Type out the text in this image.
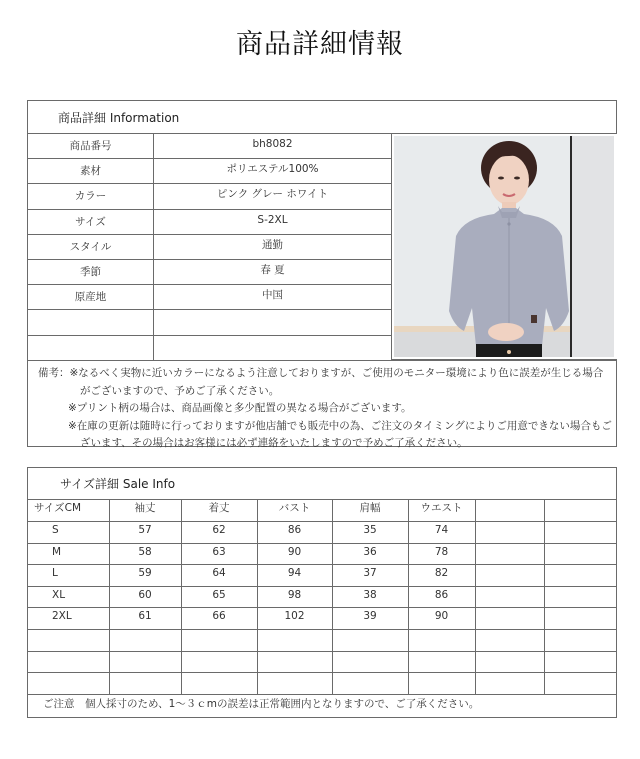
商品詳細情報
商品詳細 Information
商品番号	bh8082
素材	ポリエステル100%
カラー	ピンク グレー ホワイト
サイズ	S-2XL
スタイル	通勤
季節	春 夏
原産地	中国
備考：※なるべく実物に近いカラーになるよう注意しておりますが、ご使用のモニター環境により色に誤差が生じる場合
がございますので、予めご了承ください。
※プリント柄の場合は、商品画像と多少配置の異なる場合がございます。
※在庫の更新は随時に行っておりますが他店舗でも販売中の為、ご注文のタイミングによりご用意できない場合もご
ざいます、その場合はお客様には必ず連絡をいたしますので予めご了承ください。
サイズ詳細 Sale Info
サイズCM	袖丈	着丈	バスト	肩幅	ウエスト		
S	57	62	86	35	74		
M	58	63	90	36	78		
L	59	64	94	37	82		
XL	60	65	98	38	86		
2XL	61	66	102	39	90		

ご注意　個人採寸のため、1～３ｃmの誤差は正常範囲内となりますので、ご了承ください。
